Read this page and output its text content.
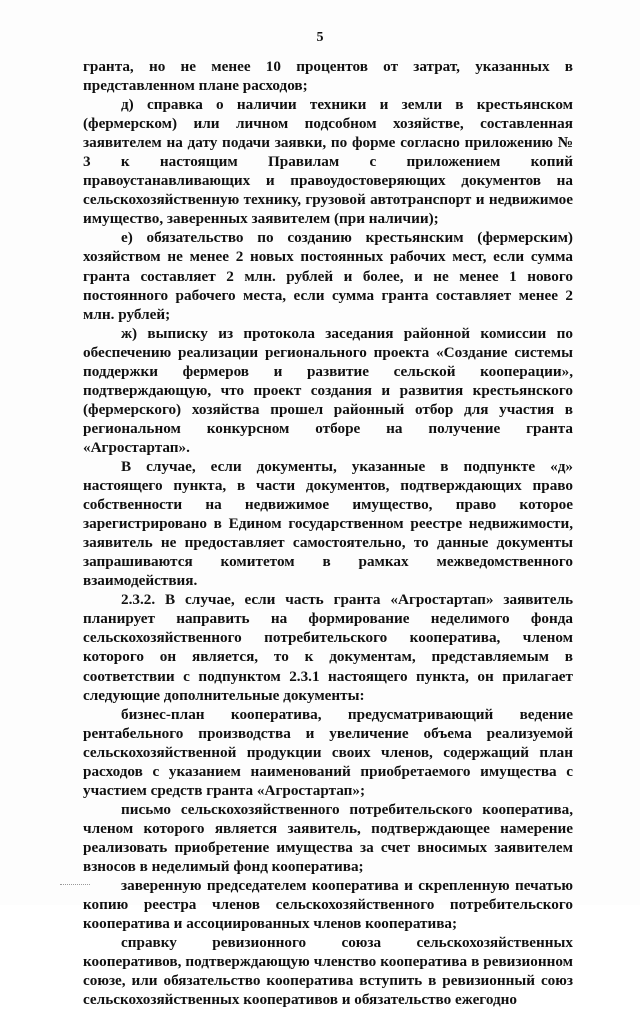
5

гранта, но не менее 10 процентов от затрат, указанных в представленном плане расходов;

д) справка о наличии техники и земли в крестьянском (фермерском) или личном подсобном хозяйстве, составленная заявителем на дату подачи заявки, по форме согласно приложению № 3 к настоящим Правилам с приложением копий правоустанавливающих и правоудостоверяющих документов на сельскохозяйственную технику, грузовой автотранспорт и недвижимое имущество, заверенных заявителем (при наличии);

е) обязательство по созданию крестьянским (фермерским) хозяйством не менее 2 новых постоянных рабочих мест, если сумма гранта составляет 2 млн. рублей и более, и не менее 1 нового постоянного рабочего места, если сумма гранта составляет менее 2 млн. рублей;

ж) выписку из протокола заседания районной комиссии по обеспечению реализации регионального проекта «Создание системы поддержки фермеров и развитие сельской кооперации», подтверждающую, что проект создания и развития крестьянского (фермерского) хозяйства прошел районный отбор для участия в региональном конкурсном отборе на получение гранта «Агростартап».

В случае, если документы, указанные в подпункте «д» настоящего пункта, в части документов, подтверждающих право собственности на недвижимое имущество, право которое зарегистрировано в Едином государственном реестре недвижимости, заявитель не предоставляет самостоятельно, то данные документы запрашиваются комитетом в рамках межведомственного взаимодействия.

2.3.2. В случае, если часть гранта «Агростартап» заявитель планирует направить на формирование неделимого фонда сельскохозяйственного потребительского кооператива, членом которого он является, то к документам, представляемым в соответствии с подпунктом 2.3.1 настоящего пункта, он прилагает следующие дополнительные документы:

бизнес-план кооператива, предусматривающий ведение рентабельного производства и увеличение объема реализуемой сельскохозяйственной продукции своих членов, содержащий план расходов с указанием наименований приобретаемого имущества с участием средств гранта «Агростартап»;

письмо сельскохозяйственного потребительского кооператива, членом которого является заявитель, подтверждающее намерение реализовать приобретение имущества за счет вносимых заявителем взносов в неделимый фонд кооператива;

заверенную председателем кооператива и скрепленную печатью копию реестра членов сельскохозяйственного потребительского кооператива и ассоциированных членов кооператива;

справку ревизионного союза сельскохозяйственных кооперативов, подтверждающую членство кооператива в ревизионном союзе, или обязательство кооператива вступить в ревизионный союз сельскохозяйственных кооперативов и обязательство ежегодно
